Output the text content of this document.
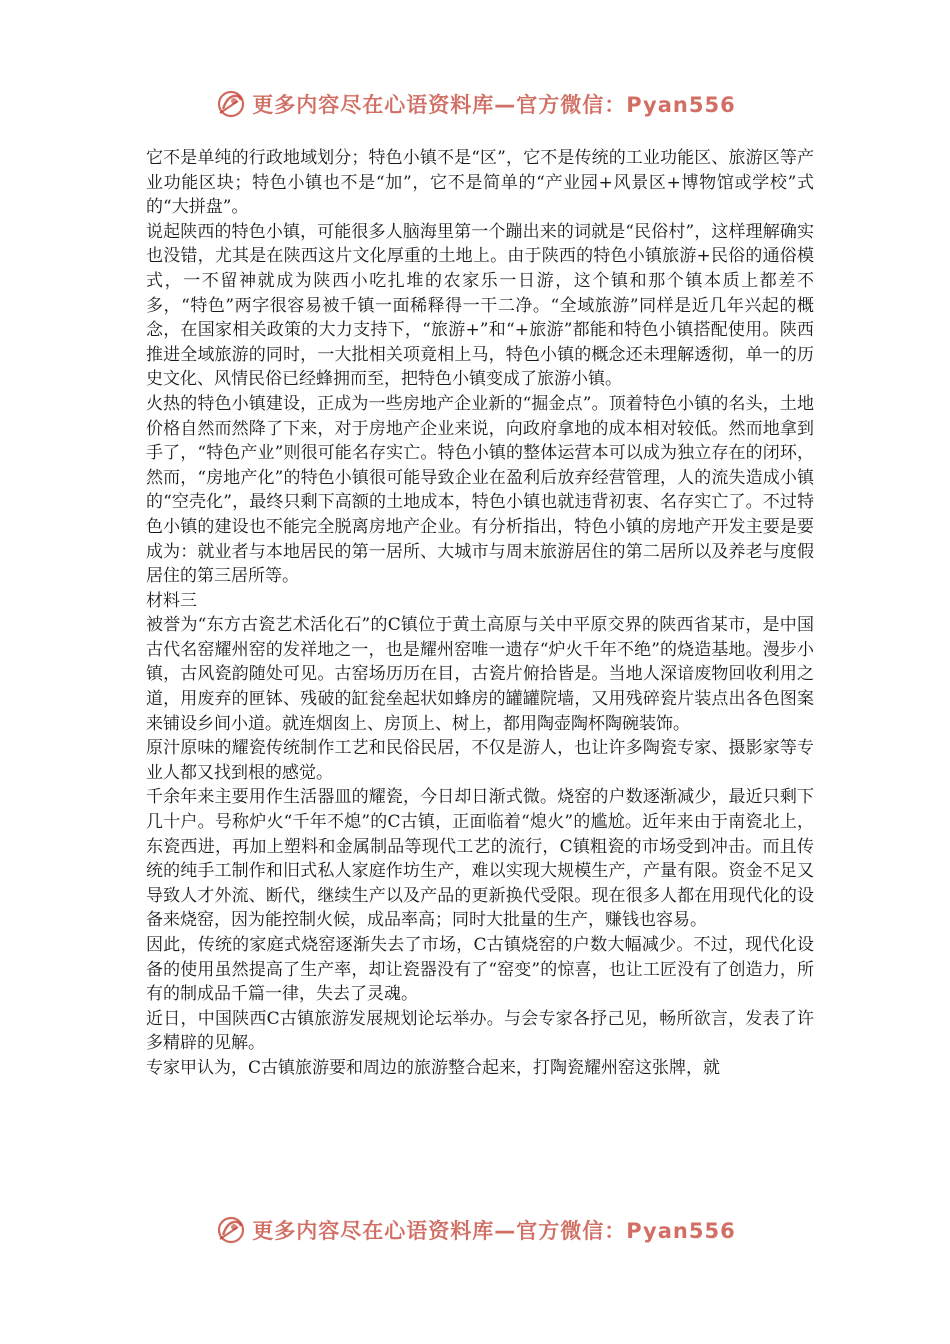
更多内容尽在心语资料库—官方微信：Pyan556

它不是单纯的行政地域划分；特色小镇不是“区”，它不是传统的工业功能区、旅游区等产业功能区块；特色小镇也不是“加”，它不是简单的“产业园+风景区+博物馆或学校”式的“大拼盘”。

说起陕西的特色小镇，可能很多人脑海里第一个蹦出来的词就是“民俗村”，这样理解确实也没错，尤其是在陕西这片文化厚重的土地上。由于陕西的特色小镇旅游+民俗的通俗模式，一不留神就成为陕西小吃扎堆的农家乐一日游，这个镇和那个镇本质上都差不多，“特色”两字很容易被千镇一面稀释得一干二净。“全域旅游”同样是近几年兴起的概念，在国家相关政策的大力支持下，“旅游+”和“+旅游”都能和特色小镇搭配使用。陕西推进全域旅游的同时，一大批相关项竟相上马，特色小镇的概念还未理解透彻，单一的历史文化、风情民俗已经蜂拥而至，把特色小镇变成了旅游小镇。

火热的特色小镇建设，正成为一些房地产企业新的“掘金点”。顶着特色小镇的名头，土地价格自然而然降了下来，对于房地产企业来说，向政府拿地的成本相对较低。然而地拿到手了，“特色产业”则很可能名存实亡。特色小镇的整体运营本可以成为独立存在的闭环，然而，“房地产化”的特色小镇很可能导致企业在盈利后放弃经营管理，人的流失造成小镇的“空壳化”，最终只剩下高额的土地成本，特色小镇也就违背初衷、名存实亡了。不过特色小镇的建设也不能完全脱离房地产企业。有分析指出，特色小镇的房地产开发主要是要成为：就业者与本地居民的第一居所、大城市与周末旅游居住的第二居所以及养老与度假居住的第三居所等。

材料三

被誉为“东方古瓷艺术活化石”的C镇位于黄土高原与关中平原交界的陕西省某市，是中国古代名窑耀州窑的发祥地之一，也是耀州窑唯一遗存“炉火千年不绝”的烧造基地。漫步小镇，古风瓷韵随处可见。古窑场历历在目，古瓷片俯拾皆是。当地人深谙废物回收利用之道，用废弃的匣钵、残破的缸瓮垒起状如蜂房的罐罐院墙，又用残碎瓷片装点出各色图案来铺设乡间小道。就连烟囱上、房顶上、树上，都用陶壶陶杯陶碗装饰。

原汁原味的耀瓷传统制作工艺和民俗民居，不仅是游人，也让许多陶瓷专家、摄影家等专业人都又找到根的感觉。

千余年来主要用作生活器皿的耀瓷，今日却日渐式微。烧窑的户数逐渐减少，最近只剩下几十户。号称炉火“千年不熄”的C古镇，正面临着“熄火”的尴尬。近年来由于南瓷北上，东瓷西进，再加上塑料和金属制品等现代工艺的流行，C镇粗瓷的市场受到冲击。而且传统的纯手工制作和旧式私人家庭作坊生产，难以实现大规模生产，产量有限。资金不足又导致人才外流、断代，继续生产以及产品的更新换代受限。现在很多人都在用现代化的设备来烧窑，因为能控制火候，成品率高；同时大批量的生产，赚钱也容易。

因此，传统的家庭式烧窑逐渐失去了市场，C古镇烧窑的户数大幅减少。不过，现代化设备的使用虽然提高了生产率，却让瓷器没有了“窑变”的惊喜，也让工匠没有了创造力，所有的制成品千篇一律，失去了灵魂。

近日，中国陕西C古镇旅游发展规划论坛举办。与会专家各抒己见，畅所欲言，发表了许多精辟的见解。

专家甲认为，C古镇旅游要和周边的旅游整合起来，打陶瓷耀州窑这张牌，就

更多内容尽在心语资料库—官方微信：Pyan556
